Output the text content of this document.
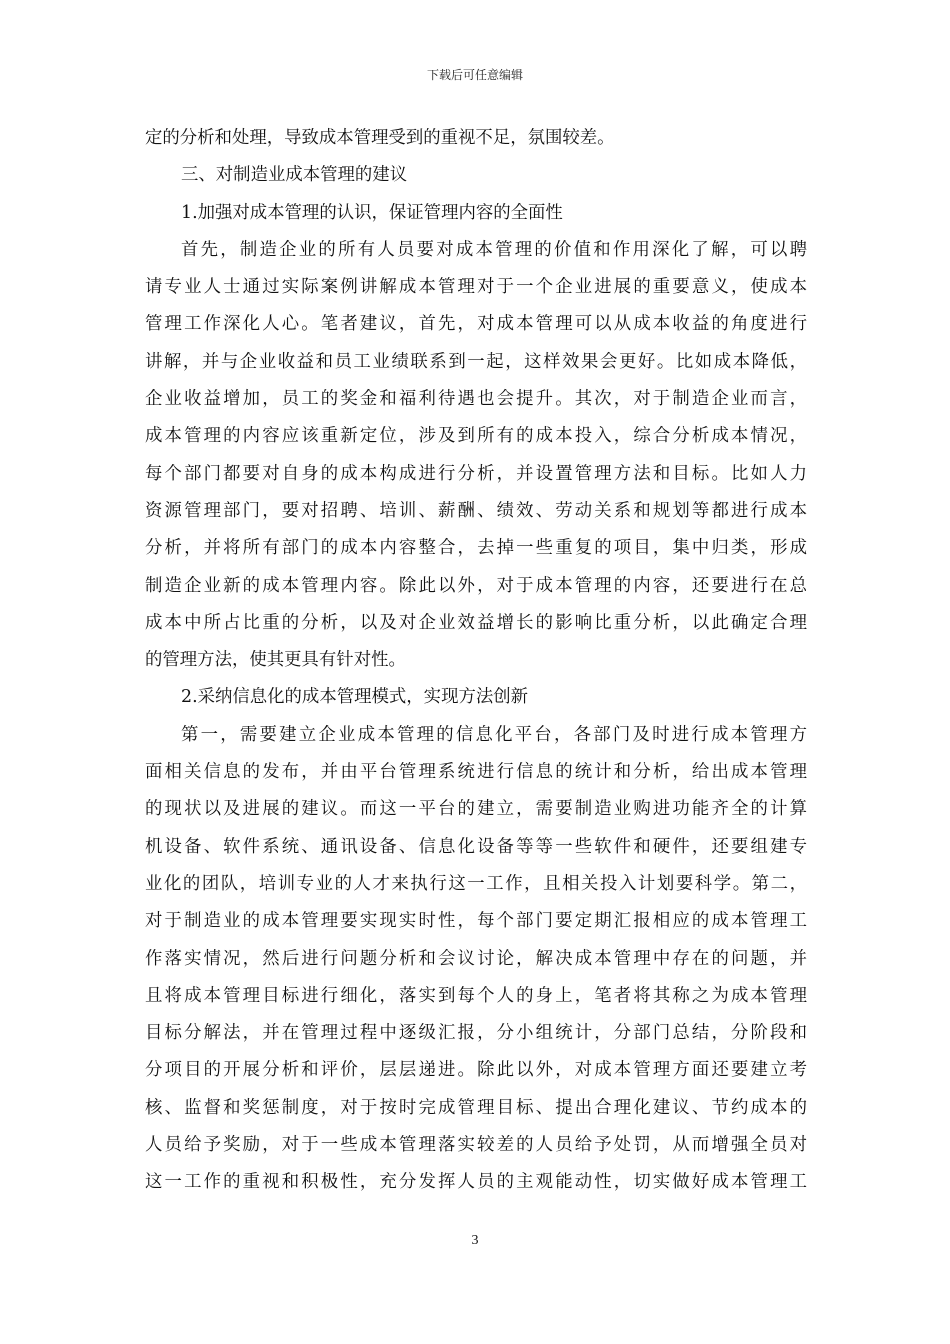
下载后可任意编辑
定的分析和处理，导致成本管理受到的重视不足，氛围较差。
三、对制造业成本管理的建议
1.加强对成本管理的认识，保证管理内容的全面性
首先，制造企业的所有人员要对成本管理的价值和作用深化了解，可以聘
请专业人士通过实际案例讲解成本管理对于一个企业进展的重要意义，使成本
管理工作深化人心。笔者建议，首先，对成本管理可以从成本收益的角度进行
讲解，并与企业收益和员工业绩联系到一起，这样效果会更好。比如成本降低，
企业收益增加，员工的奖金和福利待遇也会提升。其次，对于制造企业而言，
成本管理的内容应该重新定位，涉及到所有的成本投入，综合分析成本情况，
每个部门都要对自身的成本构成进行分析，并设置管理方法和目标。比如人力
资源管理部门，要对招聘、培训、薪酬、绩效、劳动关系和规划等都进行成本
分析，并将所有部门的成本内容整合，去掉一些重复的项目，集中归类，形成
制造企业新的成本管理内容。除此以外，对于成本管理的内容，还要进行在总
成本中所占比重的分析，以及对企业效益增长的影响比重分析，以此确定合理
的管理方法，使其更具有针对性。
2.采纳信息化的成本管理模式，实现方法创新
第一，需要建立企业成本管理的信息化平台，各部门及时进行成本管理方
面相关信息的发布，并由平台管理系统进行信息的统计和分析，给出成本管理
的现状以及进展的建议。而这一平台的建立，需要制造业购进功能齐全的计算
机设备、软件系统、通讯设备、信息化设备等等一些软件和硬件，还要组建专
业化的团队，培训专业的人才来执行这一工作，且相关投入计划要科学。第二，
对于制造业的成本管理要实现实时性，每个部门要定期汇报相应的成本管理工
作落实情况，然后进行问题分析和会议讨论，解决成本管理中存在的问题，并
且将成本管理目标进行细化，落实到每个人的身上，笔者将其称之为成本管理
目标分解法，并在管理过程中逐级汇报，分小组统计，分部门总结，分阶段和
分项目的开展分析和评价，层层递进。除此以外，对成本管理方面还要建立考
核、监督和奖惩制度，对于按时完成管理目标、提出合理化建议、节约成本的
人员给予奖励，对于一些成本管理落实较差的人员给予处罚，从而增强全员对
这一工作的重视和积极性，充分发挥人员的主观能动性，切实做好成本管理工
3
